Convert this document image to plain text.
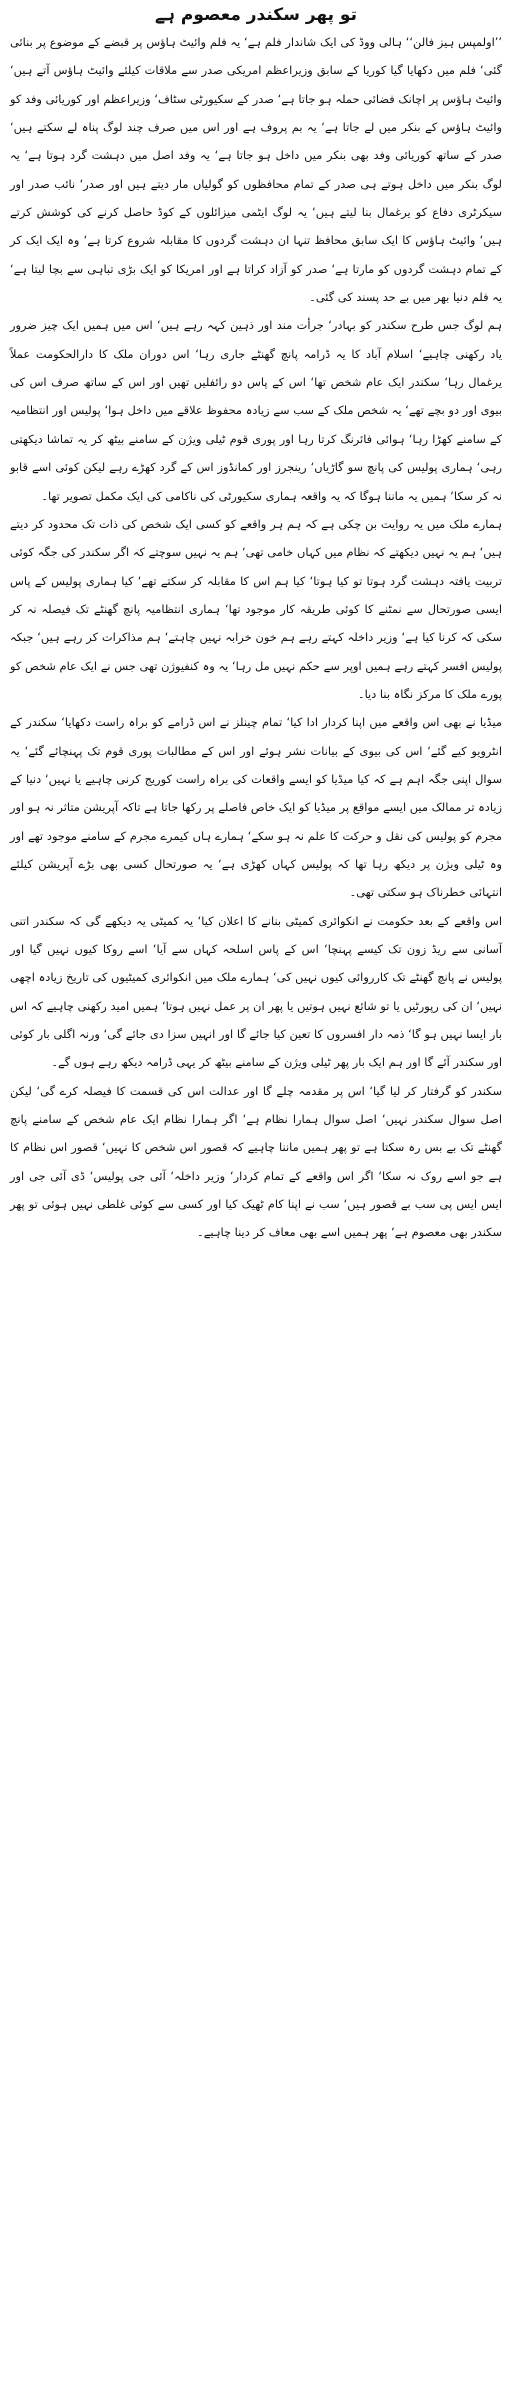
تو پھر سکندر معصوم ہے

’’اولمپس ہیز فالن‘‘ ہالی ووڈ کی ایک شاندار فلم ہے‘ یہ فلم وائیٹ ہاؤس پر قبضے کے موضوع پر بنائی گئی‘ فلم میں دکھایا گیا کوریا کے سابق وزیراعظم امریکی صدر سے ملاقات کیلئے وائیٹ ہاؤس آتے ہیں‘ وائیٹ ہاؤس پر اچانک فضائی حملہ ہو جاتا ہے‘ صدر کے سکیورٹی سٹاف‘ وزیراعظم اور کوریائی وفد کو وائیٹ ہاؤس کے بنکر میں لے جاتا ہے‘ یہ بم پروف ہے اور اس میں صرف چند لوگ پناہ لے سکتے ہیں‘ صدر کے ساتھ کوریائی وفد بھی بنکر میں داخل ہو جاتا ہے‘ یہ وفد اصل میں دہشت گرد ہوتا ہے‘ یہ لوگ بنکر میں داخل ہوتے ہی صدر کے تمام محافظوں کو گولیاں مار دیتے ہیں اور صدر‘ نائب صدر اور سیکرٹری دفاع کو یرغمال بنا لیتے ہیں‘ یہ لوگ ایٹمی میزائلوں کے کوڈ حاصل کرنے کی کوشش کرتے ہیں‘ وائیٹ ہاؤس کا ایک سابق محافظ تنہا ان دہشت گردوں کا مقابلہ شروع کرتا ہے‘ وہ ایک ایک کر کے تمام دہشت گردوں کو مارتا ہے‘ صدر کو آزاد کراتا ہے اور امریکا کو ایک بڑی تباہی سے بچا لیتا ہے‘ یہ فلم دنیا بھر میں بے حد پسند کی گئی۔

ہم لوگ جس طرح سکندر کو بہادر‘ جرأت مند اور ذہین کہہ رہے ہیں‘ اس میں ہمیں ایک چیز ضرور یاد رکھنی چاہیے‘ اسلام آباد کا یہ ڈرامہ پانچ گھنٹے جاری رہا‘ اس دوران ملک کا دارالحکومت عملاً یرغمال رہا‘ سکندر ایک عام شخص تھا‘ اس کے پاس دو رائفلیں تھیں اور اس کے ساتھ صرف اس کی بیوی اور دو بچے تھے‘ یہ شخص ملک کے سب سے زیادہ محفوظ علاقے میں داخل ہوا‘ پولیس اور انتظامیہ کے سامنے کھڑا رہا‘ ہوائی فائرنگ کرتا رہا اور پوری قوم ٹیلی ویژن کے سامنے بیٹھ کر یہ تماشا دیکھتی رہی‘ ہماری پولیس کی پانچ سو گاڑیاں‘ رینجرز اور کمانڈوز اس کے گرد کھڑے رہے لیکن کوئی اسے قابو نہ کر سکا‘ ہمیں یہ ماننا ہوگا کہ یہ واقعہ ہماری سکیورٹی کی ناکامی کی ایک مکمل تصویر تھا۔

ہمارے ملک میں یہ روایت بن چکی ہے کہ ہم ہر واقعے کو کسی ایک شخص کی ذات تک محدود کر دیتے ہیں‘ ہم یہ نہیں دیکھتے کہ نظام میں کہاں خامی تھی‘ ہم یہ نہیں سوچتے کہ اگر سکندر کی جگہ کوئی تربیت یافتہ دہشت گرد ہوتا تو کیا ہوتا‘ کیا ہم اس کا مقابلہ کر سکتے تھے‘ کیا ہماری پولیس کے پاس ایسی صورتحال سے نمٹنے کا کوئی طریقہ کار موجود تھا‘ ہماری انتظامیہ پانچ گھنٹے تک فیصلہ نہ کر سکی کہ کرنا کیا ہے‘ وزیر داخلہ کہتے رہے ہم خون خرابہ نہیں چاہتے‘ ہم مذاکرات کر رہے ہیں‘ جبکہ پولیس افسر کہتے رہے ہمیں اوپر سے حکم نہیں مل رہا‘ یہ وہ کنفیوژن تھی جس نے ایک عام شخص کو پورے ملک کا مرکز نگاہ بنا دیا۔

میڈیا نے بھی اس واقعے میں اپنا کردار ادا کیا‘ تمام چینلز نے اس ڈرامے کو براہ راست دکھایا‘ سکندر کے انٹرویو کیے گئے‘ اس کی بیوی کے بیانات نشر ہوئے اور اس کے مطالبات پوری قوم تک پہنچائے گئے‘ یہ سوال اپنی جگہ اہم ہے کہ کیا میڈیا کو ایسے واقعات کی براہ راست کوریج کرنی چاہیے یا نہیں‘ دنیا کے زیادہ تر ممالک میں ایسے مواقع پر میڈیا کو ایک خاص فاصلے پر رکھا جاتا ہے تاکہ آپریشن متاثر نہ ہو اور مجرم کو پولیس کی نقل و حرکت کا علم نہ ہو سکے‘ ہمارے ہاں کیمرے مجرم کے سامنے موجود تھے اور وہ ٹیلی ویژن پر دیکھ رہا تھا کہ پولیس کہاں کھڑی ہے‘ یہ صورتحال کسی بھی بڑے آپریشن کیلئے انتہائی خطرناک ہو سکتی تھی۔

اس واقعے کے بعد حکومت نے انکوائری کمیٹی بنانے کا اعلان کیا‘ یہ کمیٹی یہ دیکھے گی کہ سکندر اتنی آسانی سے ریڈ زون تک کیسے پہنچا‘ اس کے پاس اسلحہ کہاں سے آیا‘ اسے روکا کیوں نہیں گیا اور پولیس نے پانچ گھنٹے تک کارروائی کیوں نہیں کی‘ ہمارے ملک میں انکوائری کمیٹیوں کی تاریخ زیادہ اچھی نہیں‘ ان کی رپورٹیں یا تو شائع نہیں ہوتیں یا پھر ان پر عمل نہیں ہوتا‘ ہمیں امید رکھنی چاہیے کہ اس بار ایسا نہیں ہو گا‘ ذمہ دار افسروں کا تعین کیا جائے گا اور انہیں سزا دی جائے گی‘ ورنہ اگلی بار کوئی اور سکندر آئے گا اور ہم ایک بار پھر ٹیلی ویژن کے سامنے بیٹھ کر یہی ڈرامہ دیکھ رہے ہوں گے۔

سکندر کو گرفتار کر لیا گیا‘ اس پر مقدمہ چلے گا اور عدالت اس کی قسمت کا فیصلہ کرے گی‘ لیکن اصل سوال سکندر نہیں‘ اصل سوال ہمارا نظام ہے‘ اگر ہمارا نظام ایک عام شخص کے سامنے پانچ گھنٹے تک بے بس رہ سکتا ہے تو پھر ہمیں ماننا چاہیے کہ قصور اس شخص کا نہیں‘ قصور اس نظام کا ہے جو اسے روک نہ سکا‘ اگر اس واقعے کے تمام کردار‘ وزیر داخلہ‘ آئی جی پولیس‘ ڈی آئی جی اور ایس ایس پی سب بے قصور ہیں‘ سب نے اپنا کام ٹھیک کیا اور کسی سے کوئی غلطی نہیں ہوئی تو پھر سکندر بھی معصوم ہے‘ پھر ہمیں اسے بھی معاف کر دینا چاہیے۔
